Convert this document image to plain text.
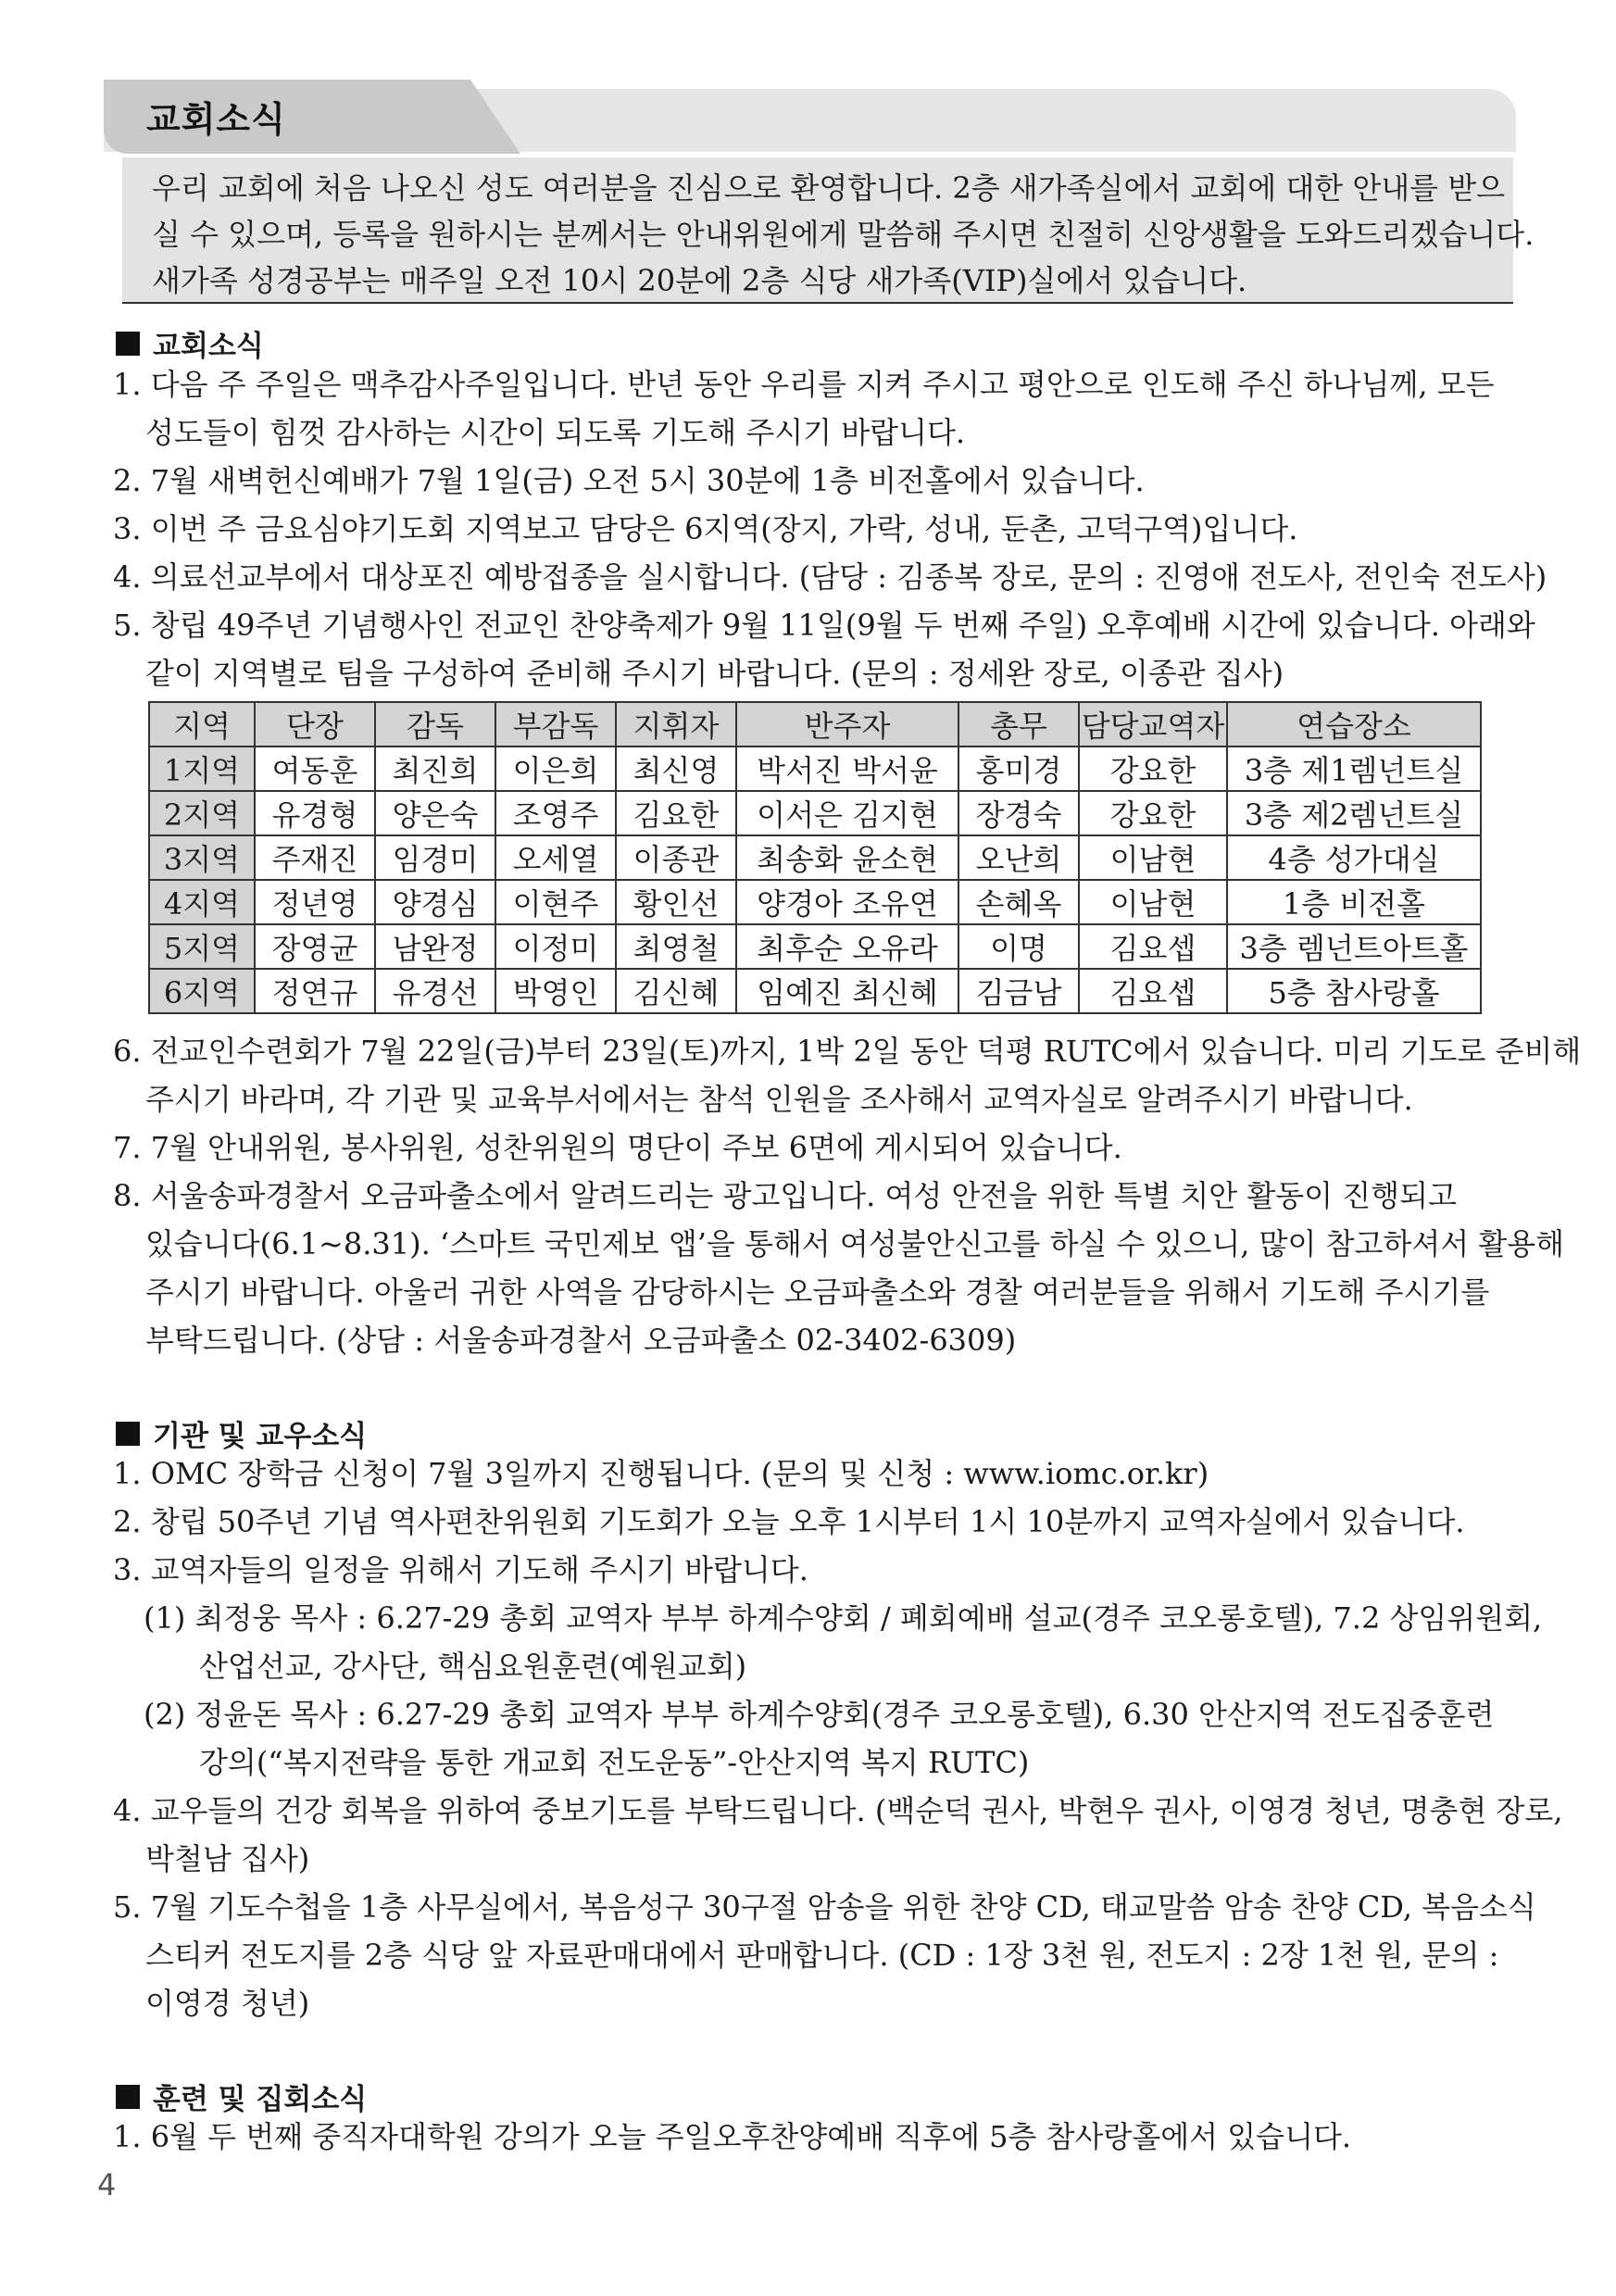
교회소식

우리 교회에 처음 나오신 성도 여러분을 진심으로 환영합니다. 2층 새가족실에서 교회에 대한 안내를 받으

실 수 있으며, 등록을 원하시는 분께서는 안내위원에게 말씀해 주시면 친절히 신앙생활을 도와드리겠습니다.

새가족 성경공부는 매주일 오전 10시 20분에 2층 식당 새가족(VIP)실에서 있습니다.

교회소식
1. 다음 주 주일은 맥추감사주일입니다. 반년 동안 우리를 지켜 주시고 평안으로 인도해 주신 하나님께, 모든
성도들이 힘껏 감사하는 시간이 되도록 기도해 주시기 바랍니다.
2. 7월 새벽헌신예배가 7월 1일(금) 오전 5시 30분에 1층 비전홀에서 있습니다.
3. 이번 주 금요심야기도회 지역보고 담당은 6지역(장지, 가락, 성내, 둔촌, 고덕구역)입니다.
4. 의료선교부에서 대상포진 예방접종을 실시합니다. (담당 : 김종복 장로, 문의 : 진영애 전도사, 전인숙 전도사)
5. 창립 49주년 기념행사인 전교인 찬양축제가 9월 11일(9월 두 번째 주일) 오후예배 시간에 있습니다. 아래와
같이 지역별로 팀을 구성하여 준비해 주시기 바랍니다. (문의 : 정세완 장로, 이종관 집사)
지역	단장	감독	부감독	지휘자	반주자	총무	담당교역자	연습장소
1지역	여동훈	최진희	이은희	최신영	박서진 박서윤	홍미경	강요한	3층 제1렘넌트실
2지역	유경형	양은숙	조영주	김요한	이서은 김지현	장경숙	강요한	3층 제2렘넌트실
3지역	주재진	임경미	오세열	이종관	최송화 윤소현	오난희	이남현	4층 성가대실
4지역	정년영	양경심	이현주	황인선	양경아 조유연	손혜옥	이남현	1층 비전홀
5지역	장영균	남완정	이정미	최영철	최후순 오유라	이명	김요셉	3층 렘넌트아트홀
6지역	정연규	유경선	박영인	김신혜	임예진 최신혜	김금남	김요셉	5층 참사랑홀
6. 전교인수련회가 7월 22일(금)부터 23일(토)까지, 1박 2일 동안 덕평 RUTC에서 있습니다. 미리 기도로 준비해
주시기 바라며, 각 기관 및 교육부서에서는 참석 인원을 조사해서 교역자실로 알려주시기 바랍니다.
7. 7월 안내위원, 봉사위원, 성찬위원의 명단이 주보 6면에 게시되어 있습니다.
8. 서울송파경찰서 오금파출소에서 알려드리는 광고입니다. 여성 안전을 위한 특별 치안 활동이 진행되고
있습니다(6.1~8.31). ‘스마트 국민제보 앱’을 통해서 여성불안신고를 하실 수 있으니, 많이 참고하셔서 활용해
주시기 바랍니다. 아울러 귀한 사역을 감당하시는 오금파출소와 경찰 여러분들을 위해서 기도해 주시기를
부탁드립니다. (상담 : 서울송파경찰서 오금파출소 02-3402-6309)
기관 및 교우소식
1. OMC 장학금 신청이 7월 3일까지 진행됩니다. (문의 및 신청 : www.iomc.or.kr)
2. 창립 50주년 기념 역사편찬위원회 기도회가 오늘 오후 1시부터 1시 10분까지 교역자실에서 있습니다.
3. 교역자들의 일정을 위해서 기도해 주시기 바랍니다.
(1) 최정웅 목사 : 6.27-29 총회 교역자 부부 하계수양회 / 폐회예배 설교(경주 코오롱호텔), 7.2 상임위원회,
산업선교, 강사단, 핵심요원훈련(예원교회)
(2) 정윤돈 목사 : 6.27-29 총회 교역자 부부 하계수양회(경주 코오롱호텔), 6.30 안산지역 전도집중훈련
강의(“복지전략을 통한 개교회 전도운동”-안산지역 복지 RUTC)
4. 교우들의 건강 회복을 위하여 중보기도를 부탁드립니다. (백순덕 권사, 박현우 권사, 이영경 청년, 명충현 장로,
박철남 집사)
5. 7월 기도수첩을 1층 사무실에서, 복음성구 30구절 암송을 위한 찬양 CD, 태교말씀 암송 찬양 CD, 복음소식
스티커 전도지를 2층 식당 앞 자료판매대에서 판매합니다. (CD : 1장 3천 원, 전도지 : 2장 1천 원, 문의 :
이영경 청년)
훈련 및 집회소식
1. 6월 두 번째 중직자대학원 강의가 오늘 주일오후찬양예배 직후에 5층 참사랑홀에서 있습니다.
4
